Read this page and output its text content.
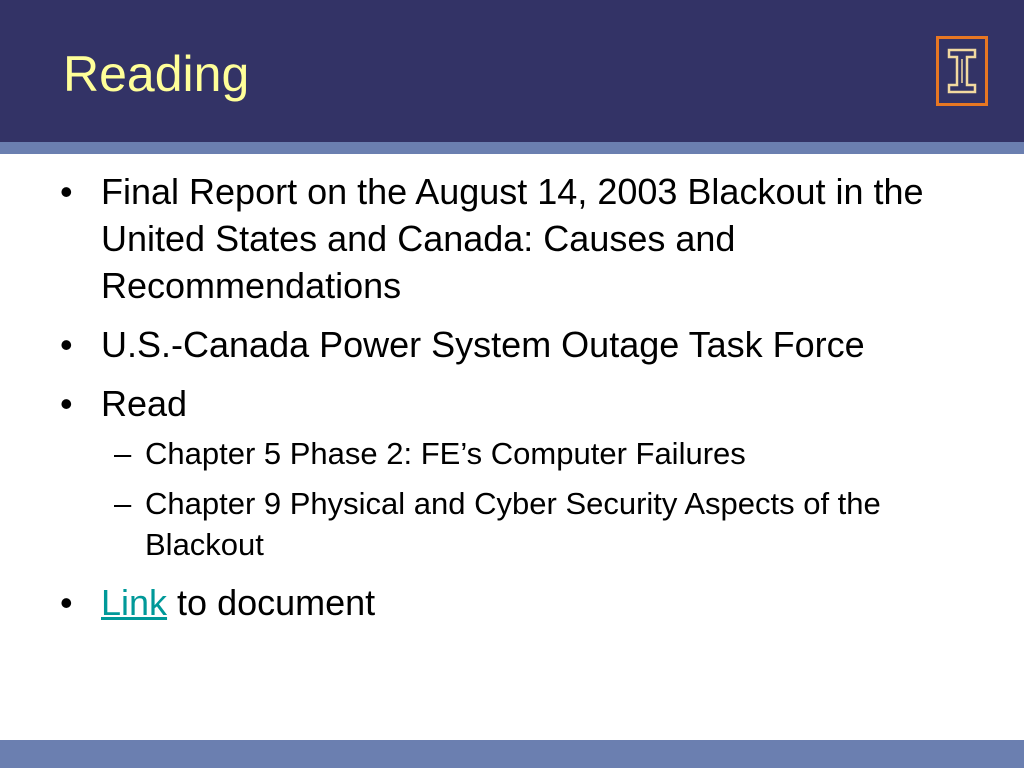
Reading
• Final Report on the August 14, 2003 Blackout in the United States and Canada: Causes and Recommendations
• U.S.-Canada Power System Outage Task Force
• Read
– Chapter 5 Phase 2: FE’s Computer Failures
– Chapter 9 Physical and Cyber Security Aspects of the Blackout
• Link to document
